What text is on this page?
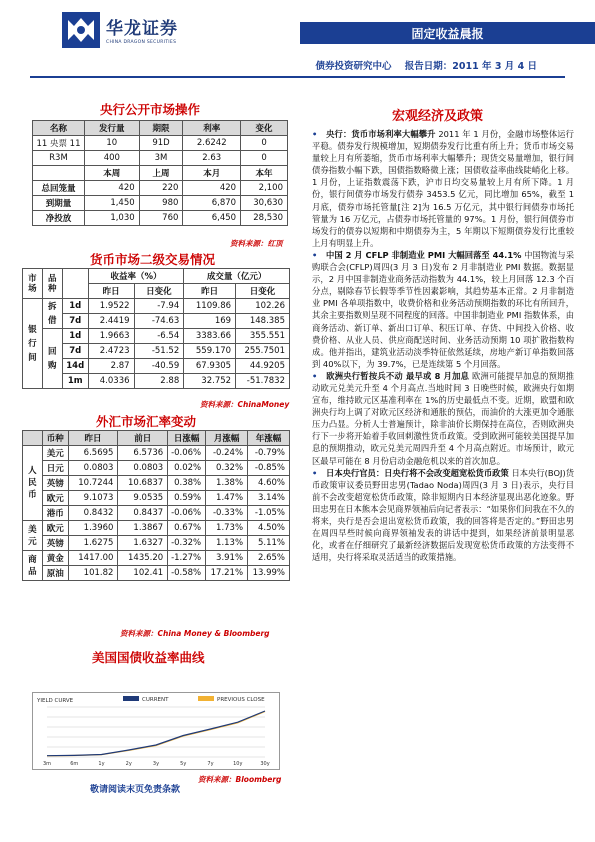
华龙证券
CHINA DRAGON SECURITIES
固定收益晨报
债券投资研究中心 报告日期：2011 年 3 月 4 日
央行公开市场操作
名称	发行量	期限	利率	变化
11 央票 11	10	91D	2.6242	0
R3M	400	3M	2.63	0
	本周	上周	本月	本年
总回笼量	420	220	420	2,100
到期量	1,450	980	6,870	30,630
净投放	1,030	760	6,450	28,530
资料来源：红顶
货币市场二级交易情况
市场	品种		收益率（%）		成交量（亿元）	
			昨日	日变化	昨日	日变化
银行间	拆借	1d	1.9522	-7.94	1109.86	102.26
		7d	2.4419	-74.63	169	148.385
	回购	1d	1.9663	-6.54	3383.66	355.551
		7d	2.4723	-51.52	559.170	255.7501
		14d	2.87	-40.59	67.9305	44.9205
		1m	4.0336	2.88	32.752	-51.7832
资料来源：ChinaMoney
外汇市场汇率变动
	币种	昨日	前日	日涨幅	月涨幅	年涨幅
人民币	美元	6.5695	6.5736	-0.06%	-0.24%	-0.79%
	日元	0.0803	0.0803	0.02%	0.32%	-0.85%
	英镑	10.7244	10.6837	0.38%	1.38%	4.60%
	欧元	9.1073	9.0535	0.59%	1.47%	3.14%
	港币	0.8432	0.8437	-0.06%	-0.33%	-1.05%
美元	欧元	1.3960	1.3867	0.67%	1.73%	4.50%
	英镑	1.6275	1.6327	-0.32%	1.13%	5.11%
商品	黄金	1417.00	1435.20	-1.27%	3.91%	2.65%
	原油	101.82	102.41	-0.58%	17.21%	13.99%
资料来源：China Money & Bloomberg
美国国债收益率曲线
3m	6m	1y	2y	3y	5y	7y	10y	30y
YIELD CURVE	CURRENT	PREVIOUS CLOSE
资料来源：Bloomberg
敬请阅读末页免责条款
宏观经济及政策

• 央行：货币市场利率大幅攀升 2011 年 1 月份，金融市场整体运行平稳。债券发行规模增加，短期债券发行比重有所上升；货币市场交易量较上月有所萎缩，货币市场利率大幅攀升；现货交易量增加，银行间债券指数小幅下跌，国债指数略微上涨；国债收益率曲线陡峭化上移。1 月份，上证指数震荡下跌，沪市日均交易量较上月有所下降。1 月份，银行间债券市场发行债券 3453.5 亿元，同比增加 65%，截至 1 月底，债券市场托管量[注 2]为 16.5 万亿元，其中银行间债券市场托管量为 16 万亿元，占债券市场托管量的 97%。1 月份，银行间债券市场发行的债券以短期和中期债券为主，5 年期以下短期债券发行比重较上月有明显上升。

• 中国 2 月 CFLP 非制造业 PMI 大幅回落至 44.1% 中国物流与采购联合会(CFLP)周四(3 月 3 日)发布 2 月非制造业 PMI 数据。数据显示，2 月中国非制造业商务活动指数为 44.1%，较上月回落 12.3 个百分点，剔除春节长假等季节性因素影响，其趋势基本正常。2 月非制造业 PMI 各单项指数中，收费价格和业务活动预期指数的环比有所回升，其余主要指数则呈现不同程度的回落。中国非制造业 PMI 指数体系，由商务活动、新订单、新出口订单、积压订单、存货、中间投入价格、收费价格、从业人员、供应商配送时间、业务活动预期 10 项扩散指数构成。他并指出，建筑业活动淡季特征依然延续，房地产新订单指数回落到 40%以下，为 39.7%，已是连续第 5 个月回落。

• 欧洲央行暂按兵不动 最早或 8 月加息 欧洲可能提早加息的预期推动欧元兑美元升至 4 个月高点.当地时间 3 日晚些时候，欧洲央行如期宣布，维持欧元区基准利率在 1%的历史最低点不变。近期，欧盟和欧洲央行均上调了对欧元区经济和通胀的预估，而油价的大涨更加令通胀压力凸显。分析人士普遍预计，除非油价长期保持在高位，否则欧洲央行下一步将开始着手收回刺激性货币政策。受到欧洲可能较美国提早加息的预期推动，欧元兑美元周四升至 4 个月高点附近。市场预计，欧元区最早可能在 8 月份启动金融危机以来的首次加息。

• 日本央行官员：日央行将不会改变超宽松货币政策 日本央行(BOJ)货币政策审议委员野田忠男(Tadao Noda)周四(3 月 3 日)表示，央行目前不会改变超宽松货币政策，除非短期内日本经济显现出恶化迹象。野田忠男在日本熊本会见商界领袖后向记者表示：“如果你们问我在不久的将来，央行是否会退出宽松货币政策，我的回答将是否定的。”野田忠男在周四早些时候向商界领袖发表的讲话中提到，如果经济前景明显恶化，或者在仔细研究了最新经济数据后发现宽松货币政策的方法变得不适用，央行将采取灵活适当的政策措施。
